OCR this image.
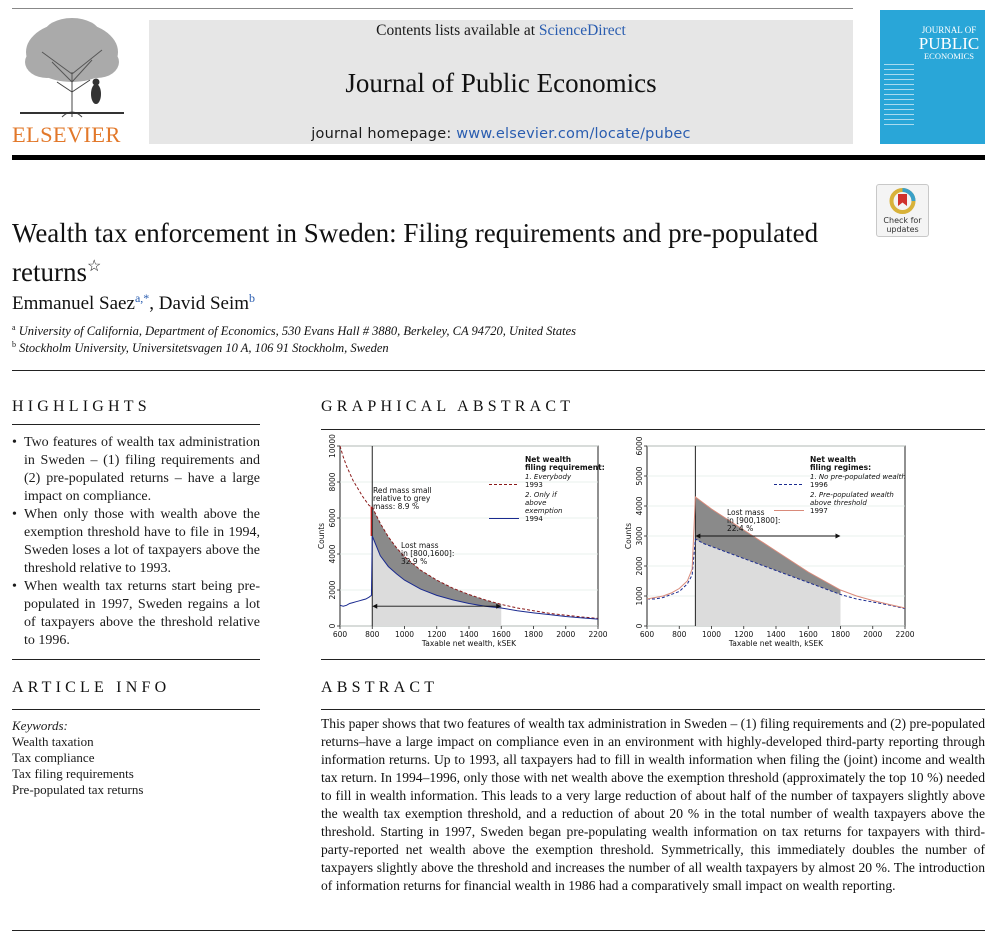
ELSEVIER
Contents lists available at ScienceDirect
Journal of Public Economics
journal homepage: www.elsevier.com/locate/pubec
JOURNAL OF
PUBLIC
ECONOMICS
Check for
updates
Wealth tax enforcement in Sweden: Filing requirements and pre-populated returns☆
Emmanuel Saez$^{a,*}$, David Seim$^b$
$^a$ University of California, Department of Economics, 530 Evans Hall # 3880, Berkeley, CA 94720, United States
$^b$ Stockholm University, Universitetsvagen 10 A, 106 91 Stockholm, Sweden
HIGHLIGHTS
• Two features of wealth tax administration in Sweden – (1) filing requirements and (2) pre-populated returns – have a large impact on compliance.
• When only those with wealth above the exemption threshold have to file in 1994, Sweden loses a lot of taxpayers above the threshold relative to 1993.
• When wealth tax returns start being pre-populated in 1997, Sweden regains a lot of taxpayers above the threshold relative to 1996.
ARTICLE INFO
Keywords:
Wealth taxation
Tax compliance
Tax filing requirements
Pre-populated tax returns
GRAPHICAL ABSTRACT
600 800 1000 1200 1400 1600 1800 2000 2200
0
2000
4000
6000
8000
10000
Taxable net wealth, kSEK
Counts
Net wealth
filing requirement:
1. Everybody
1993
2. Only if
above
exemption
1994
Red mass small
relative to grey
mass: 8.9 %
Lost mass
in [800,1600]:
32.9 %
600 800 1000 1200 1400 1600 1800 2000 2200
0
1000
2000
3000
4000
5000
6000
Taxable net wealth, kSEK
Counts
Net wealth
filing regimes:
1. No pre-populated wealth
1996
2. Pre-populated wealth
above threshold
1997
Lost mass
in [900,1800]:
22.4 %
ABSTRACT
This paper shows that two features of wealth tax administration in Sweden – (1) filing requirements and (2) pre-populated returns–have a large impact on compliance even in an environment with highly-developed third-party reporting through information returns. Up to 1993, all taxpayers had to fill in wealth information when filing the (joint) income and wealth tax return. In 1994–1996, only those with net wealth above the exemption threshold (approximately the top 10 %) needed to fill in wealth information. This leads to a very large reduction of about half of the number of taxpayers slightly above the wealth tax exemption threshold, and a reduction of about 20 % in the total number of wealth taxpayers above the threshold. Starting in 1997, Sweden began pre-populating wealth information on tax returns for taxpayers with third-party-reported net wealth above the exemption threshold. Symmetrically, this immediately doubles the number of taxpayers slightly above the threshold and increases the number of all wealth taxpayers by almost 20 %. The introduction of information returns for financial wealth in 1986 had a comparatively small impact on wealth reporting.
